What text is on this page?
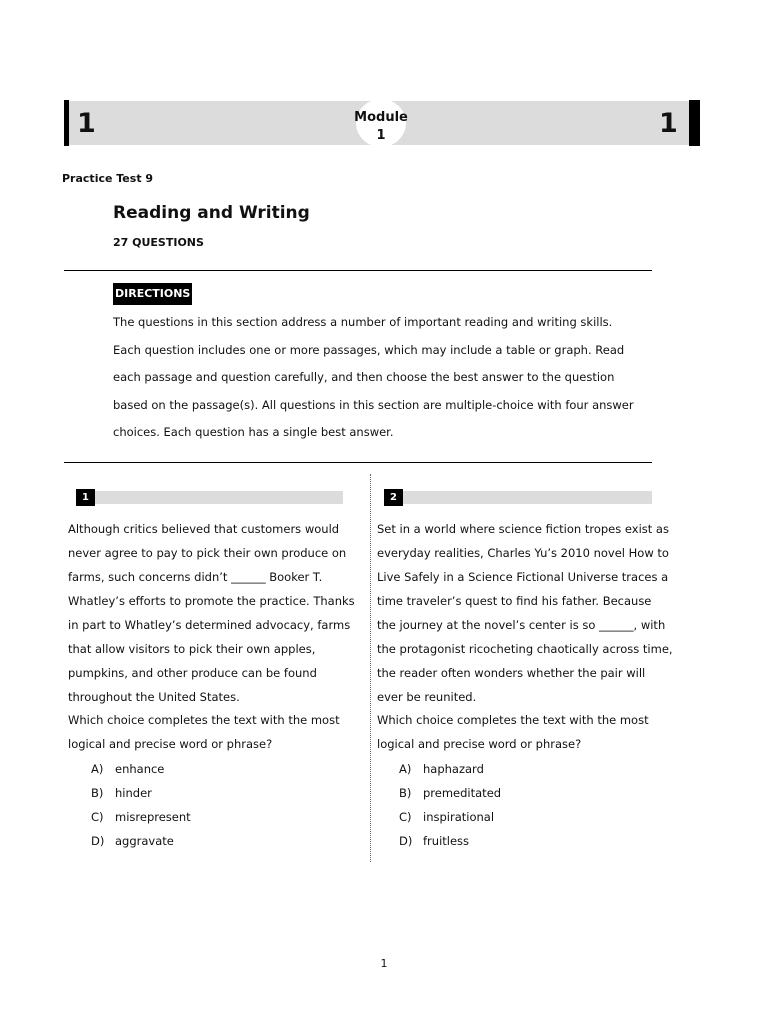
1	1
Module
1
Practice Test 9
Reading and Writing
27 QUESTIONS
DIRECTIONS

The questions in this section address a number of important reading and writing skills. Each question includes one or more passages, which may include a table or graph. Read each passage and question carefully, and then choose the best answer to the question based on the passage(s). All questions in this section are multiple-choice with four answer choices. Each question has a single best answer.

1

Although critics believed that customers would never agree to pay to pick their own produce on farms, such concerns didn’t ______ Booker T. Whatley’s efforts to promote the practice. Thanks in part to Whatley’s determined advocacy, farms that allow visitors to pick their own apples, pumpkins, and other produce can be found throughout the United States.

Which choice completes the text with the most logical and precise word or phrase?

A) enhance
B) hinder
C) misrepresent
D) aggravate
2

Set in a world where science fiction tropes exist as everyday realities, Charles Yu’s 2010 novel How to Live Safely in a Science Fictional Universe traces a time traveler’s quest to find his father. Because the journey at the novel’s center is so ______, with the protagonist ricocheting chaotically across time, the reader often wonders whether the pair will ever be reunited.

Which choice completes the text with the most logical and precise word or phrase?

A) haphazard
B) premeditated
C) inspirational
D) fruitless
1
